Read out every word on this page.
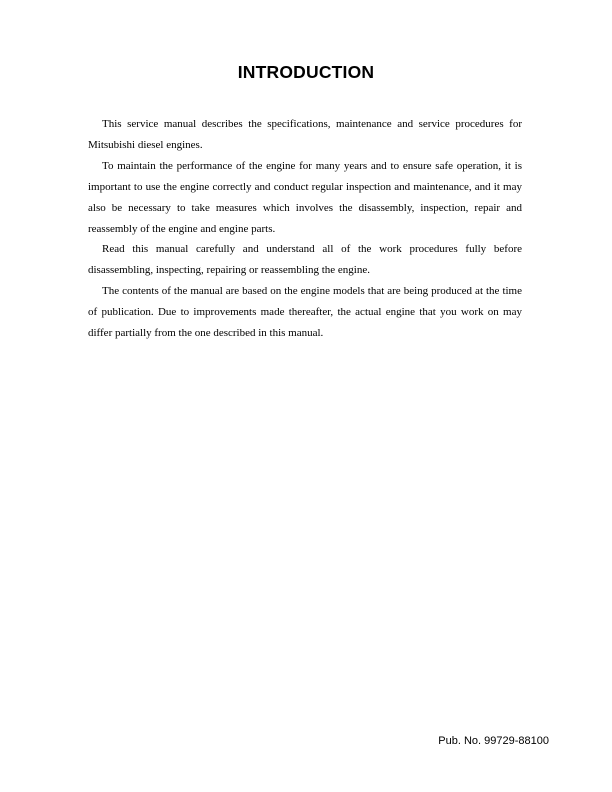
INTRODUCTION

This service manual describes the specifications, maintenance and service procedures for Mitsubishi diesel engines.

To maintain the performance of the engine for many years and to ensure safe operation, it is important to use the engine correctly and conduct regular inspection and maintenance, and it may also be necessary to take measures which involves the disassembly, inspection, repair and reassembly of the engine and engine parts.

Read this manual carefully and understand all of the work procedures fully before disassembling, inspecting, repairing or reassembling the engine.

The contents of the manual are based on the engine models that are being produced at the time of publication. Due to improvements made thereafter, the actual engine that you work on may differ partially from the one described in this manual.

Pub. No. 99729-88100
